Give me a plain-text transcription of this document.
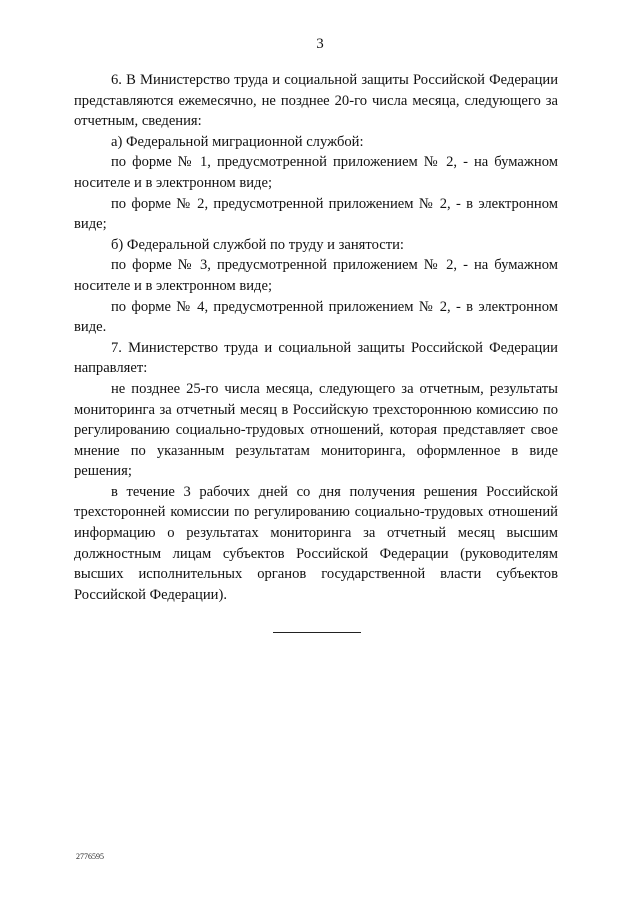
3

6. В Министерство труда и социальной защиты Российской Федерации представляются ежемесячно, не позднее 20-го числа месяца, следующего за отчетным, сведения:

а) Федеральной миграционной службой:

по форме № 1, предусмотренной приложением № 2, - на бумажном носителе и в электронном виде;

по форме № 2, предусмотренной приложением № 2, - в электронном виде;

б) Федеральной службой по труду и занятости:

по форме № 3, предусмотренной приложением № 2, - на бумажном носителе и в электронном виде;

по форме № 4, предусмотренной приложением № 2, - в электронном виде.

7. Министерство труда и социальной защиты Российской Федерации направляет:

не позднее 25-го числа месяца, следующего за отчетным, результаты мониторинга за отчетный месяц в Российскую трехстороннюю комиссию по регулированию социально-трудовых отношений, которая представляет свое мнение по указанным результатам мониторинга, оформленное в виде решения;

в течение 3 рабочих дней со дня получения решения Российской трехсторонней комиссии по регулированию социально-трудовых отношений информацию о результатах мониторинга за отчетный месяц высшим должностным лицам субъектов Российской Федерации (руководителям высших исполнительных органов государственной власти субъектов Российской Федерации).

2776595
